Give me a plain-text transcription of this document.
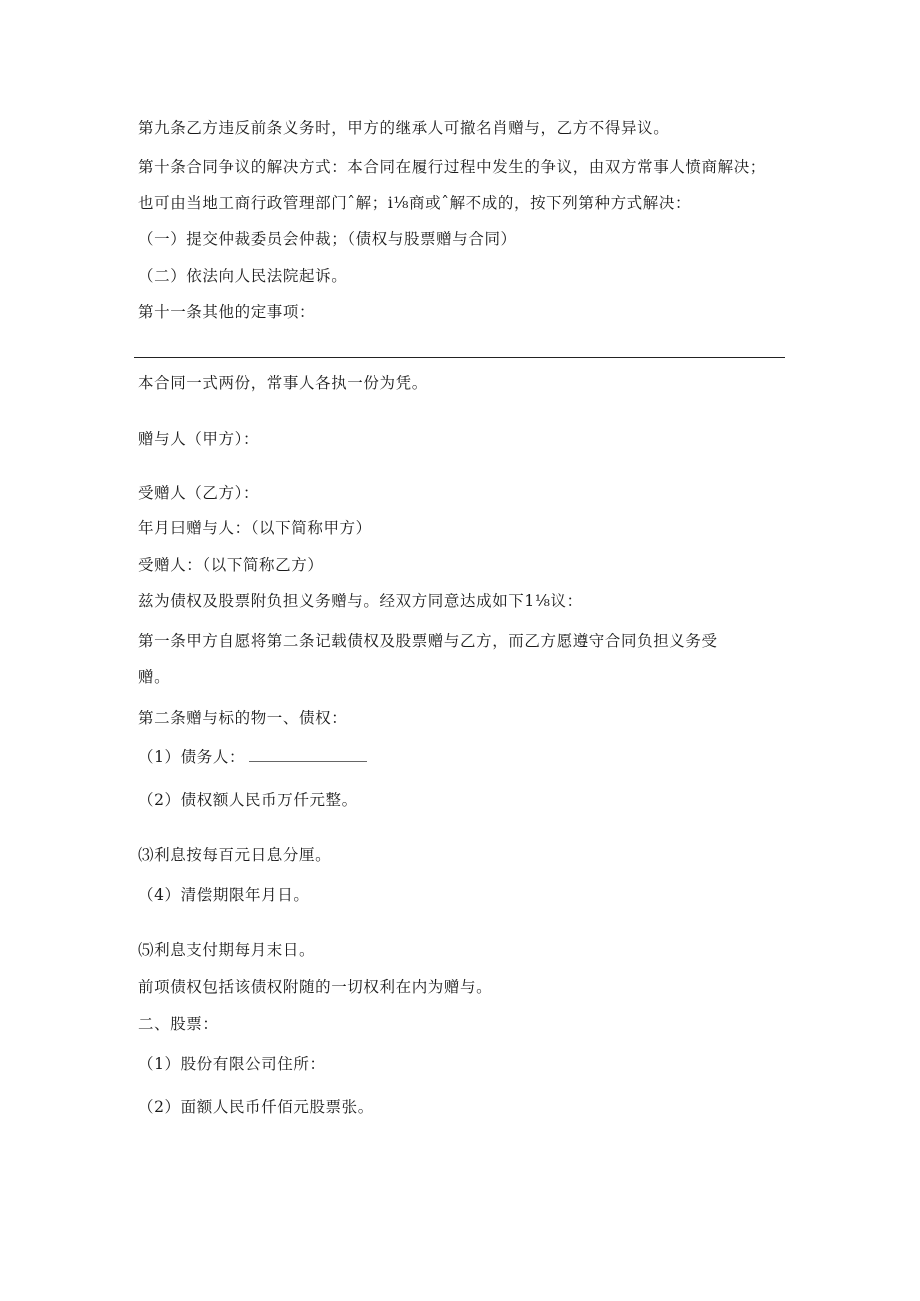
第九条乙方违反前条义务时，甲方的继承人可撤名肖赠与，乙方不得异议。
第十条合同争议的解决方式：本合同在履行过程中发生的争议，由双方常事人愤商解决；
也可由当地工商行政管理部门ˆ解；i⅛商或ˆ解不成的，按下列第种方式解决：
（一）提交仲裁委员会仲裁；（债权与股票赠与合同）
（二）依法向人民法院起诉。
第十一条其他的定事项：
本合同一式两份，常事人各执一份为凭。
赠与人（甲方）：
受赠人（乙方）：
年月曰赠与人：（以下简称甲方）
受赠人：（以下简称乙方）
兹为债权及股票附负担义务赠与。经双方同意达成如下1⅛议：
第一条甲方自愿将第二条记载债权及股票赠与乙方，而乙方愿遵守合同负担义务受
赠。
第二条赠与标的物一、债权：
（1）债务人：
（2）债权额人民币万仟元整。
⑶利息按每百元日息分厘。
（4）清偿期限年月日。
⑸利息支付期每月末日。
前项债权包括该债权附随的一切权利在内为赠与。
二、股票：
（1）股份有限公司住所：
（2）面额人民币仟佰元股票张。
